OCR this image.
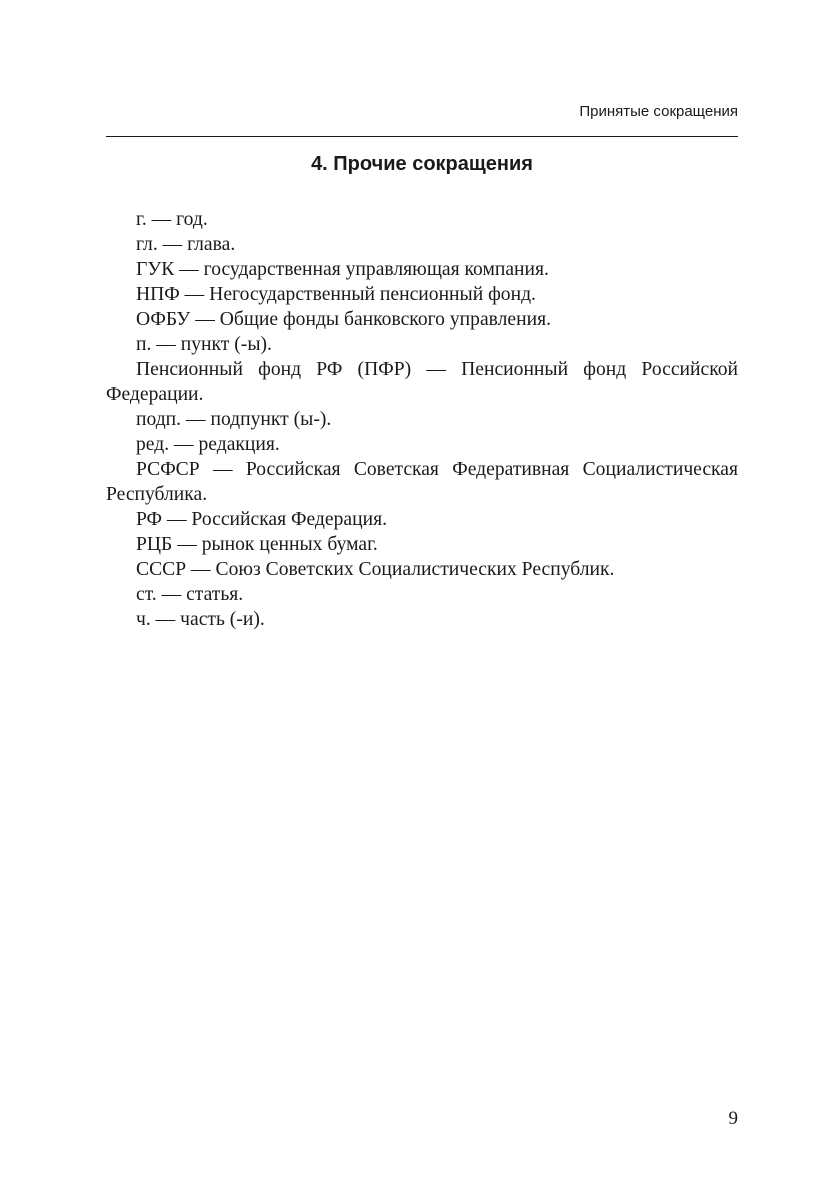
Принятые сокращения
4. Прочие сокращения

г. — год.

гл. — глава.

ГУК — государственная управляющая компания.

НПФ — Негосударственный пенсионный фонд.

ОФБУ — Общие фонды банковского управления.

п. — пункт (-ы).

Пенсионный фонд РФ (ПФР) — Пенсионный фонд Российской Федерации.

подп. — подпункт (ы-).

ред. — редакция.

РСФСР — Российская Советская Федеративная Социалистическая Республика.

РФ — Российская Федерация.

РЦБ — рынок ценных бумаг.

СССР — Союз Советских Социалистических Республик.

ст. — статья.

ч. — часть (-и).

9
